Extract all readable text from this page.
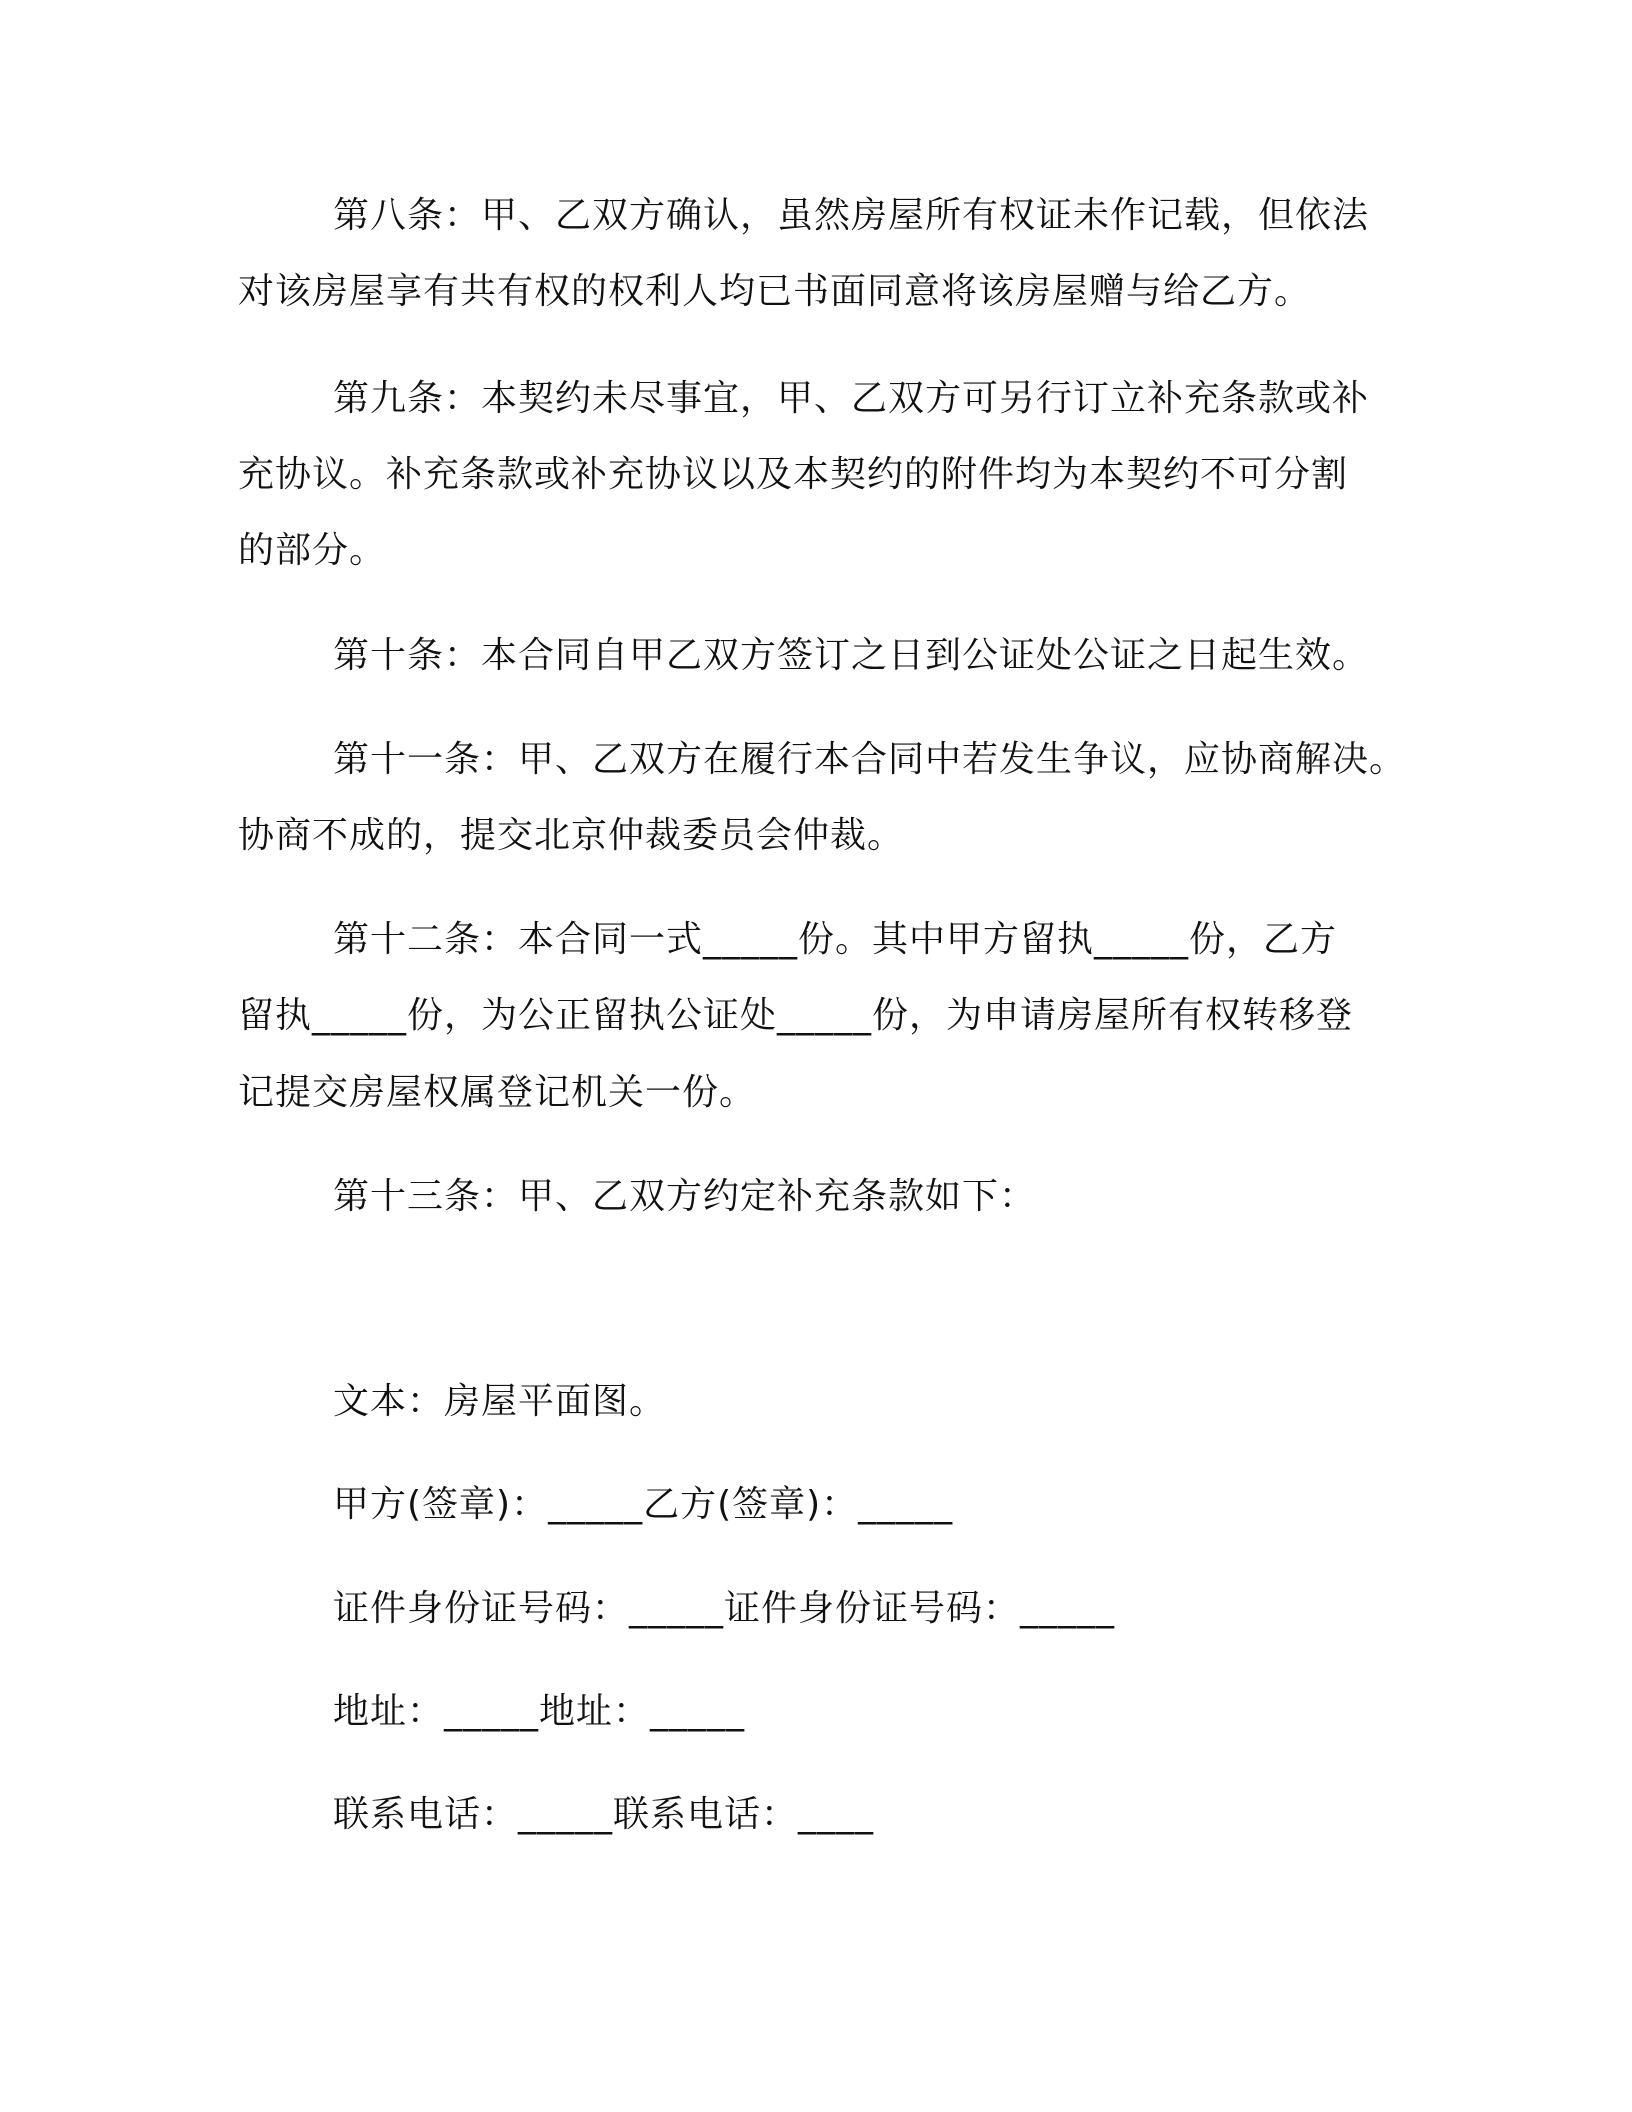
第八条：甲、乙双方确认，虽然房屋所有权证未作记载，但依法
对该房屋享有共有权的权利人均已书面同意将该房屋赠与给乙方。
第九条：本契约未尽事宜，甲、乙双方可另行订立补充条款或补
充协议。补充条款或补充协议以及本契约的附件均为本契约不可分割
的部分。
第十条：本合同自甲乙双方签订之日到公证处公证之日起生效。
第十一条：甲、乙双方在履行本合同中若发生争议，应协商解决。
协商不成的，提交北京仲裁委员会仲裁。
第十二条：本合同一式_____份。其中甲方留执_____份，乙方
留执_____份，为公正留执公证处_____份，为申请房屋所有权转移登
记提交房屋权属登记机关一份。
第十三条：甲、乙双方约定补充条款如下：
文本：房屋平面图。
甲方(签章)：_____乙方(签章)：_____
证件身份证号码：_____证件身份证号码：_____
地址：_____地址：_____
联系电话：_____联系电话：____
